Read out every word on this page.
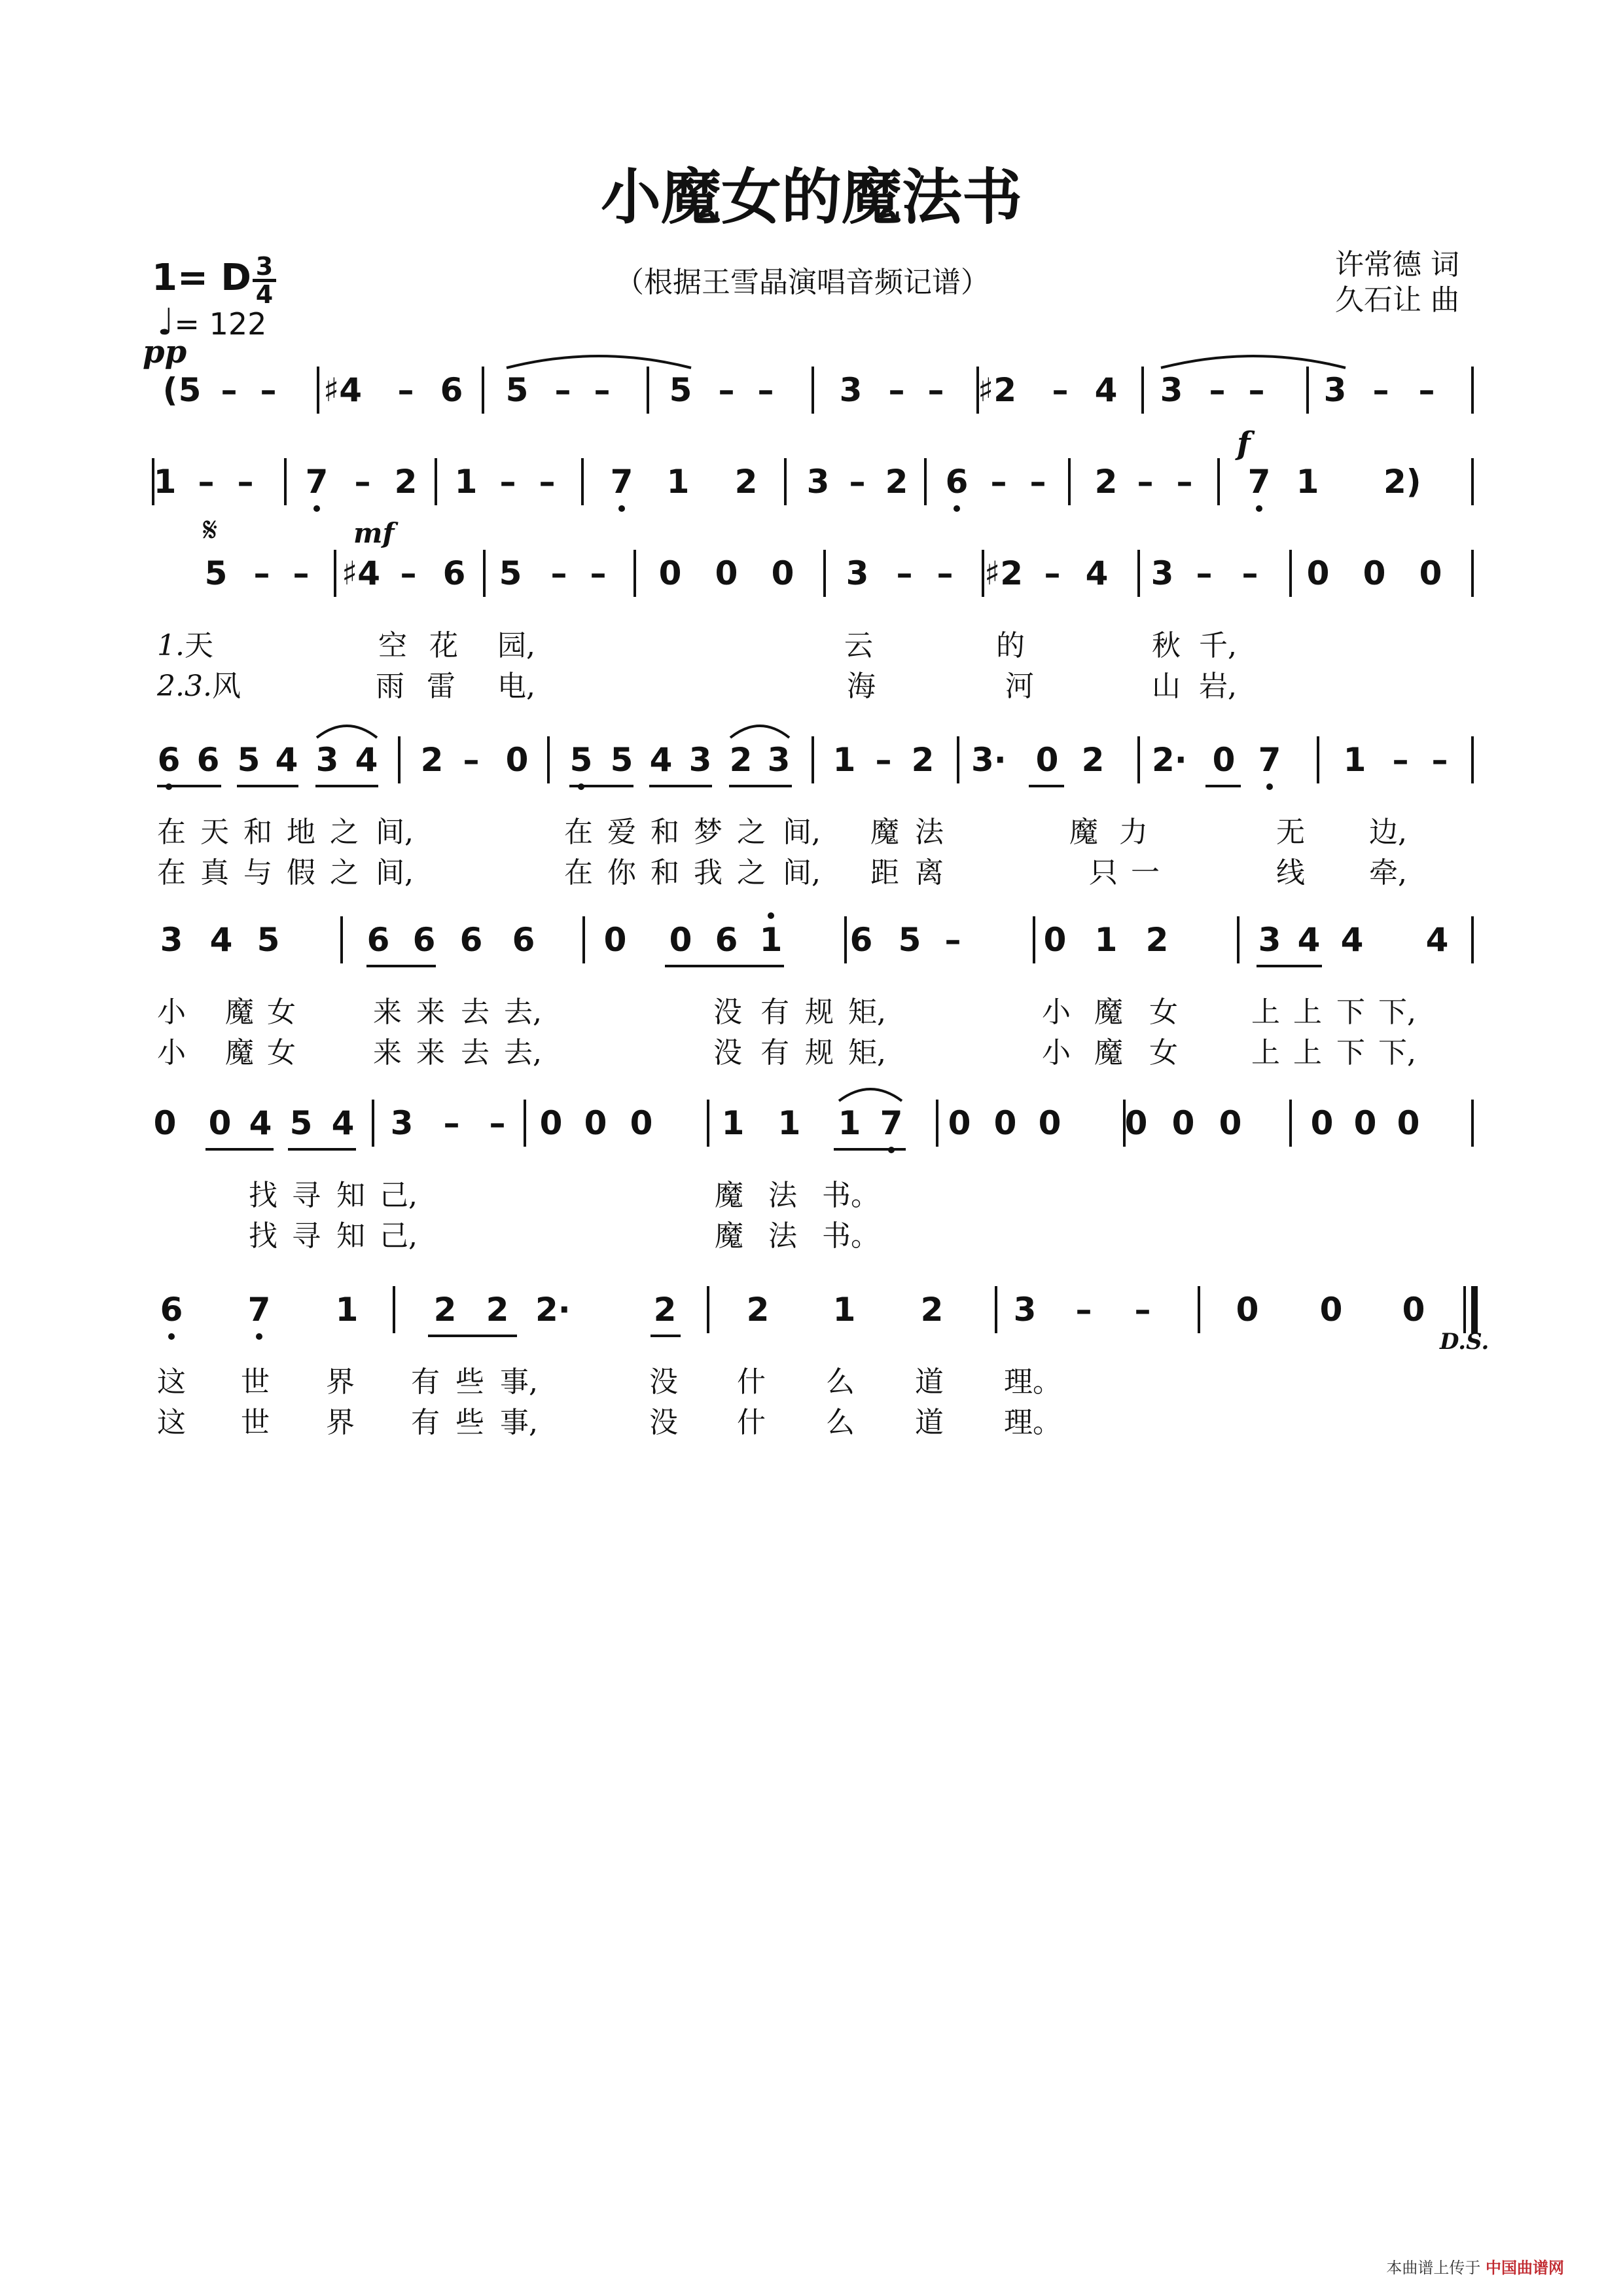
小魔女的魔法书
（根据王雪晶演唱音频记谱）
许常德 词
久石让 曲
1= D 3
4
♩= 122
pp
f
mf
𝄋
D.S.
( 5 – – ♯4 – 6 5 – – 5 – – 3 – – ♯2 – 4 3 – – 3 – –
1 – – 7 – 2 1 – – 7 1 2 3 – 2 6 – – 2 – – 7 1 2)
5 – – ♯4 – 6 5 – – 0 0 0 3 – – ♯2 – 4 3 – – 0 0 0
6 6 5 4 3 4 2 – 0 5 5 4 3 2 3 1 – 2 3· 0 2 2· 0 7 1 – –
3 4 5	6 6 6 6 0 0 6 1 6 5 –	0 1 2	3 4 4 4
0 0 4 5 4 3 – – 0 0 0 1 1 1 7 0 0 0 0 0 0 0 0 0
6 7 1 2 2 2·	2 2 1 2 3 – –	0 0 0
本曲谱上传于 中国曲谱网
1.天	空 花 园,	云	的	秋 千,
2.3.风	雨 雷 电,	海	河	山 岩,
在 天 和 地 之 间,	在 爱 和 梦 之 间, 魔 法	魔 力	无 边,
在 真 与 假 之 间,	在 你 和 我 之 间, 距 离	只 一	线 牵,
小 魔 女	来 来 去 去,	没 有 规 矩,	小 魔 女	上 上 下 下,
小 魔 女	来 来 去 去,	没 有 规 矩,	小 魔 女	上 上 下 下,
找 寻 知 己,	魔 法 书。
找 寻 知 己,	魔 法 书。
这 世 界 有 些 事,	没 什 么 道 理。
这 世 界 有 些 事,	没 什 么 道 理。
